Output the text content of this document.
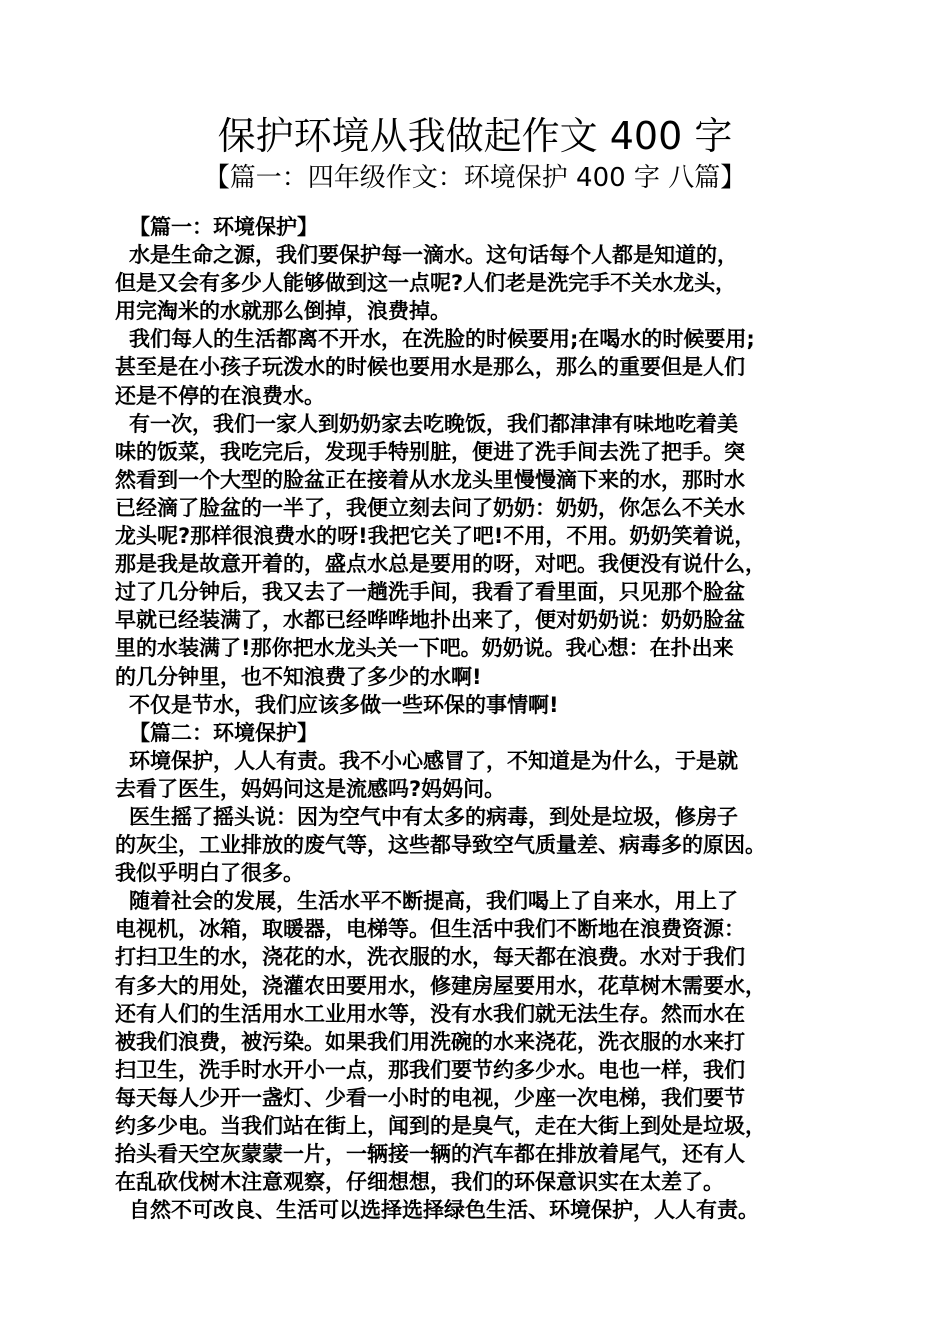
保护环境从我做起作文 400 字
【篇一：四年级作文：环境保护 400 字 八篇】
【篇一：环境保护】
水是生命之源，我们要保护每一滴水。这句话每个人都是知道的，
但是又会有多少人能够做到这一点呢?人们老是洗完手不关水龙头，
用完淘米的水就那么倒掉，浪费掉。
我们每人的生活都离不开水，在洗脸的时候要用;在喝水的时候要用;
甚至是在小孩子玩泼水的时候也要用水是那么，那么的重要但是人们
还是不停的在浪费水。
有一次，我们一家人到奶奶家去吃晚饭，我们都津津有味地吃着美
味的饭菜，我吃完后，发现手特别脏，便进了洗手间去洗了把手。突
然看到一个大型的脸盆正在接着从水龙头里慢慢滴下来的水，那时水
已经滴了脸盆的一半了，我便立刻去问了奶奶：奶奶，你怎么不关水
龙头呢?那样很浪费水的呀!我把它关了吧!不用，不用。奶奶笑着说，
那是我是故意开着的，盛点水总是要用的呀，对吧。我便没有说什么，
过了几分钟后，我又去了一趟洗手间，我看了看里面，只见那个脸盆
早就已经装满了，水都已经哗哗地扑出来了，便对奶奶说：奶奶脸盆
里的水装满了!那你把水龙头关一下吧。奶奶说。我心想：在扑出来
的几分钟里，也不知浪费了多少的水啊!
不仅是节水，我们应该多做一些环保的事情啊!
【篇二：环境保护】
环境保护，人人有责。我不小心感冒了，不知道是为什么，于是就
去看了医生，妈妈问这是流感吗?妈妈问。
医生摇了摇头说：因为空气中有太多的病毒，到处是垃圾，修房子
的灰尘，工业排放的废气等，这些都导致空气质量差、病毒多的原因。
我似乎明白了很多。
随着社会的发展，生活水平不断提高，我们喝上了自来水，用上了
电视机，冰箱，取暖器，电梯等。但生活中我们不断地在浪费资源：
打扫卫生的水，浇花的水，洗衣服的水，每天都在浪费。水对于我们
有多大的用处，浇灌农田要用水，修建房屋要用水，花草树木需要水，
还有人们的生活用水工业用水等，没有水我们就无法生存。然而水在
被我们浪费，被污染。如果我们用洗碗的水来浇花，洗衣服的水来打
扫卫生，洗手时水开小一点，那我们要节约多少水。电也一样，我们
每天每人少开一盏灯、少看一小时的电视，少座一次电梯，我们要节
约多少电。当我们站在街上，闻到的是臭气，走在大街上到处是垃圾，
抬头看天空灰蒙蒙一片，一辆接一辆的汽车都在排放着尾气，还有人
在乱砍伐树木注意观察，仔细想想，我们的环保意识实在太差了。
自然不可改良、生活可以选择选择绿色生活、环境保护，人人有责。
